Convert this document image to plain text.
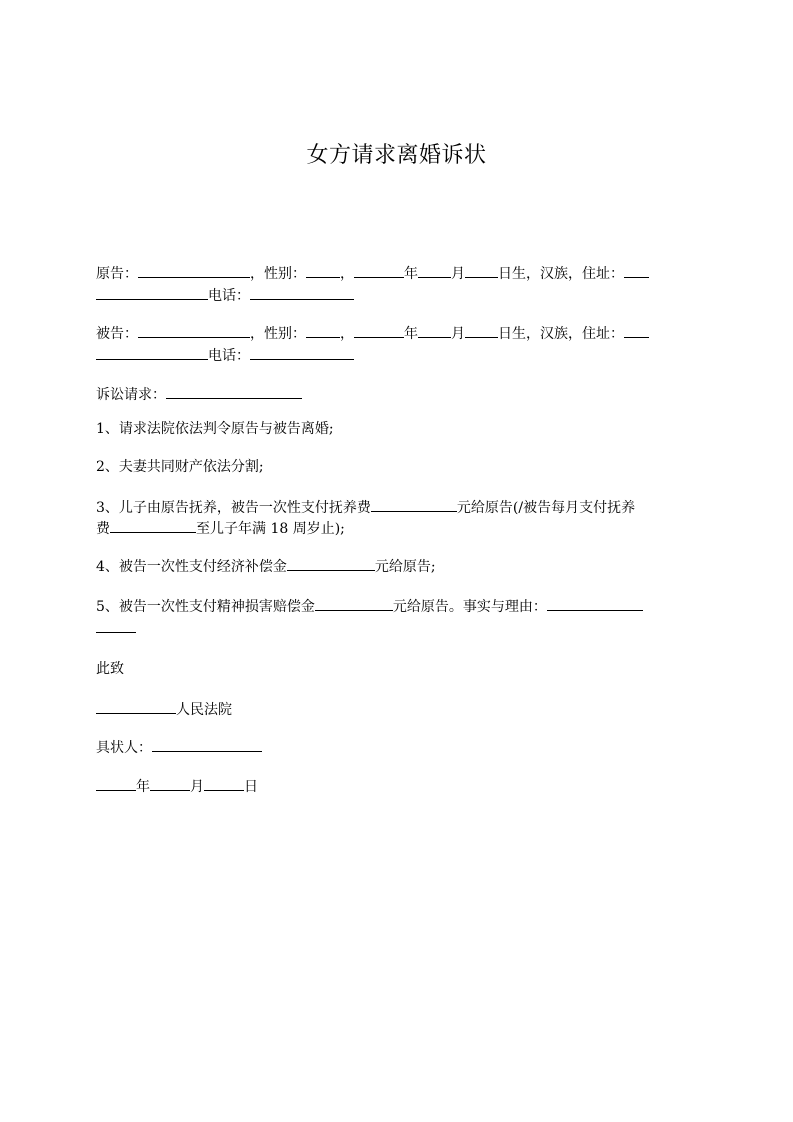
女方请求离婚诉状
原告：	，性别： ，	年 月 日生，汉族，住址：
电话：
被告：	，性别： ，	年 月 日生，汉族，住址：
电话：
诉讼请求：
1、请求法院依法判令原告与被告离婚;
2、夫妻共同财产依法分割;
3、儿子由原告抚养，被告一次性支付抚养费	元给原告(/被告每月支付抚养
费	至儿子年满 18 周岁止);
4、被告一次性支付经济补偿金	元给原告;
5、被告一次性支付精神损害赔偿金	元给原告。事实与理由：
此致
人民法院
具状人：
年	月	日
